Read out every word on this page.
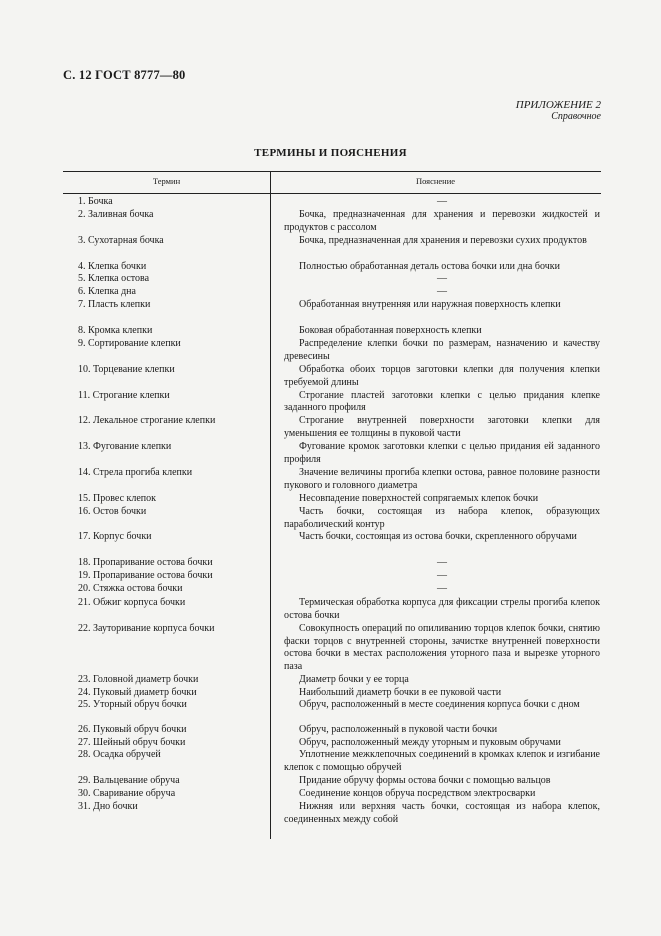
С. 12 ГОСТ 8777—80
ПРИЛОЖЕНИЕ 2
Справочное
ТЕРМИНЫ И ПОЯСНЕНИЯ
Термин	Пояснение
1. Бочка	—
2. Заливная бочка	Бочка, предназначенная для хранения и перевозки жидкостей и продуктов с рассолом
3. Сухотарная бочка	Бочка, предназначенная для хранения и перевозки сухих продуктов
4. Клепка бочки	Полностью обработанная деталь остова бочки или дна бочки
5. Клепка остова	—
6. Клепка дна	—
7. Пласть клепки	Обработанная внутренняя или наружная поверхность клепки
8. Кромка клепки	Боковая обработанная поверхность клепки
9. Сортирование клепки	Распределение клепки бочки по размерам, назначению и качеству древесины
10. Торцевание клепки	Обработка обоих торцов заготовки клепки для получения клепки требуемой длины
11. Строгание клепки	Строгание пластей заготовки клепки с целью придания клепке заданного профиля
12. Лекальное строгание клепки	Строгание внутренней поверхности заготовки клепки для уменьшения ее толщины в пуковой части
13. Фугование клепки	Фугование кромок заготовки клепки с целью придания ей заданного профиля
14. Стрела прогиба клепки	Значение величины прогиба клепки остова, равное половине разности пукового и головного диаметра
15. Провес клепок	Несовпадение поверхностей сопрягаемых клепок бочки
16. Остов бочки	Часть бочки, состоящая из набора клепок, образующих параболический контур
17. Корпус бочки	Часть бочки, состоящая из остова бочки, скрепленного обручами
18. Пропаривание остова бочки	—
19. Пропаривание остова бочки	—
20. Стяжка остова бочки	—
21. Обжиг корпуса бочки	Термическая обработка корпуса для фиксации стрелы прогиба клепок остова бочки
22. Зауторивание корпуса бочки	Совокупность операций по опиливанию торцов клепок бочки, снятию фаски торцов с внутренней стороны, зачистке внутренней поверхности остова бочки в местах расположения уторного паза и вырезке уторного паза
23. Головной диаметр бочки	Диаметр бочки у ее торца
24. Пуковый диаметр бочки	Наибольший диаметр бочки в ее пуковой части
25. Уторный обруч бочки	Обруч, расположенный в месте соединения корпуса бочки с дном
26. Пуковый обруч бочки	Обруч, расположенный в пуковой части бочки
27. Шейный обруч бочки	Обруч, расположенный между уторным и пуковым обручами
28. Осадка обручей	Уплотнение межклепочных соединений в кромках клепок и изгибание клепок с помощью обручей
29. Вальцевание обруча	Придание обручу формы остова бочки с помощью вальцов
30. Сваривание обруча	Соединение концов обруча посредством электросварки
31. Дно бочки	Нижняя или верхняя часть бочки, состоящая из набора клепок, соединенных между собой
